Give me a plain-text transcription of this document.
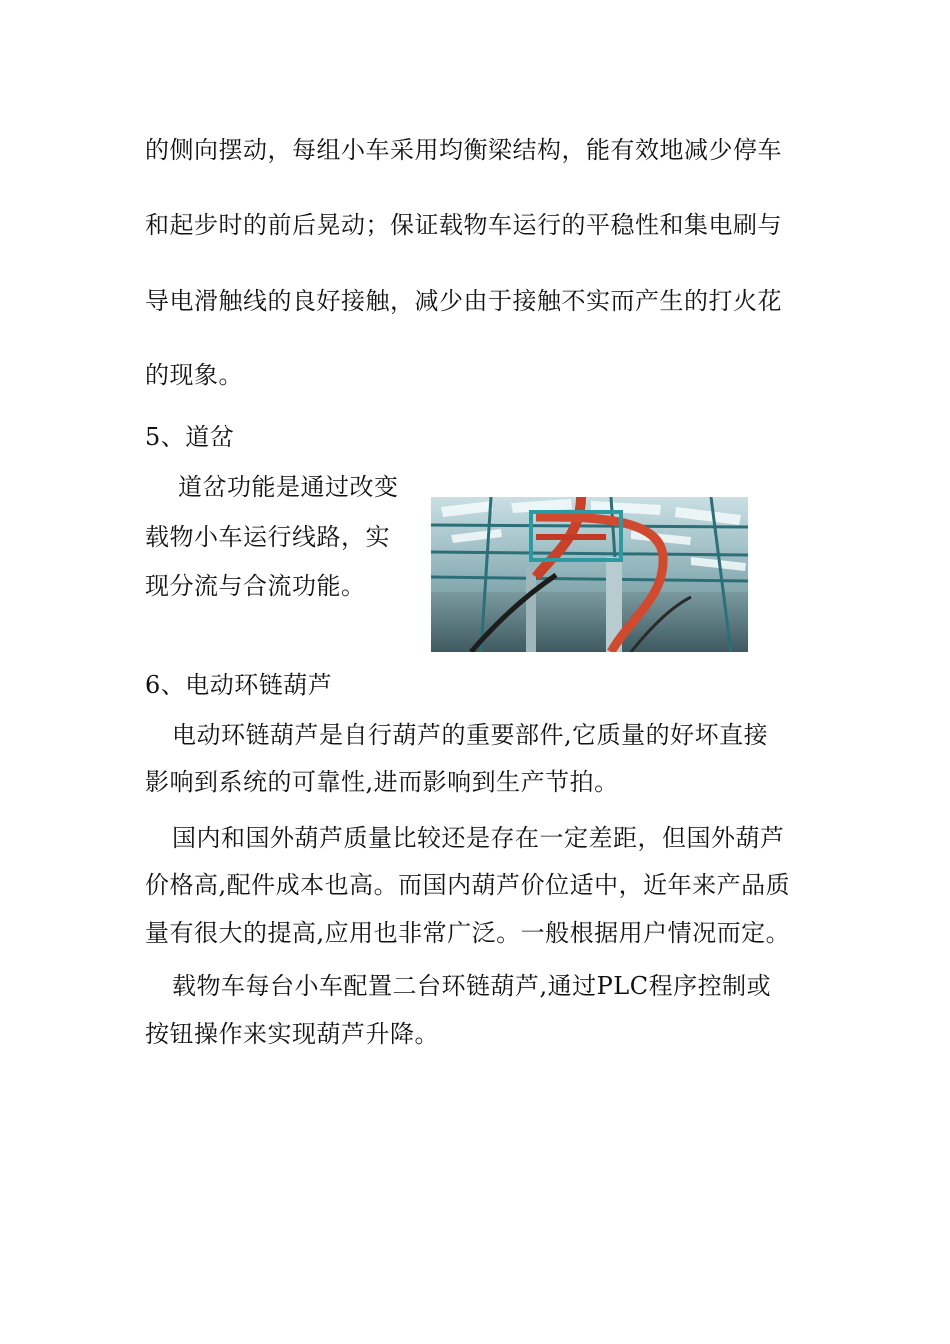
的侧向摆动，每组小车采用均衡梁结构，能有效地减少停车
和起步时的前后晃动；保证载物车运行的平稳性和集电刷与
导电滑触线的良好接触，减少由于接触不实而产生的打火花
的现象。
5、道岔
道岔功能是通过改变
载物小车运行线路，实
现分流与合流功能。
6、电动环链葫芦
电动环链葫芦是自行葫芦的重要部件,它质量的好坏直接
影响到系统的可靠性,进而影响到生产节拍。
国内和国外葫芦质量比较还是存在一定差距，但国外葫芦
价格高,配件成本也高。而国内葫芦价位适中，近年来产品质
量有很大的提高,应用也非常广泛。一般根据用户情况而定。
载物车每台小车配置二台环链葫芦,通过PLC程序控制或
按钮操作来实现葫芦升降。
